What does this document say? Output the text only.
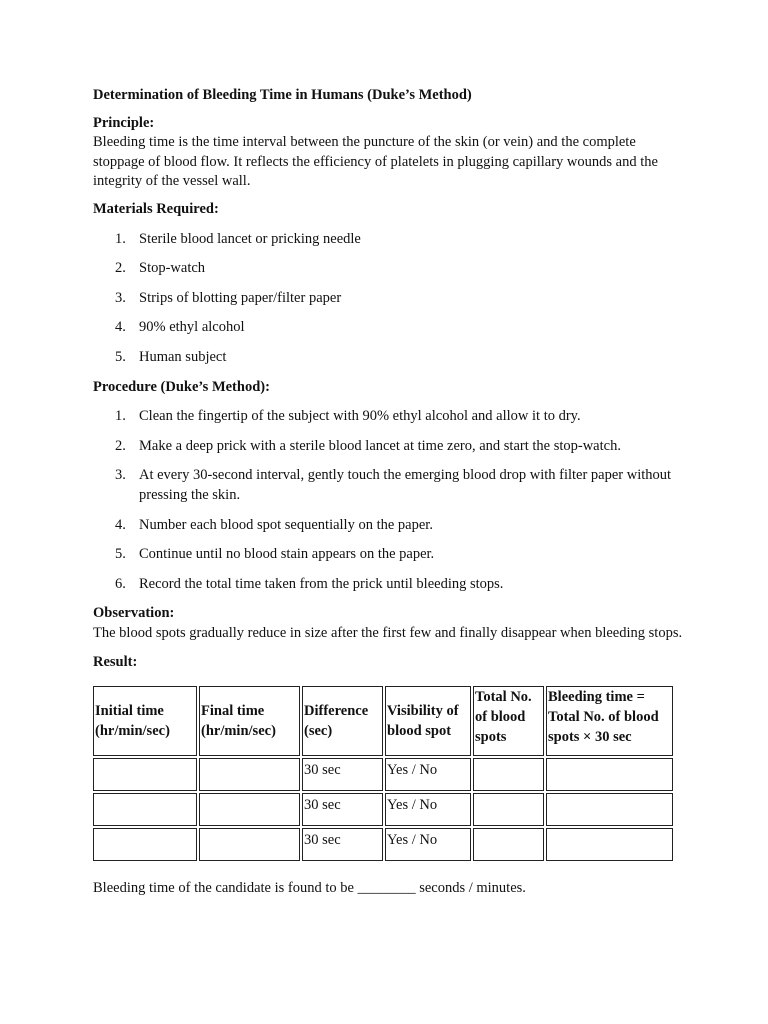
Determination of Bleeding Time in Humans (Duke’s Method)

Principle:

Bleeding time is the time interval between the puncture of the skin (or vein) and the complete stoppage of blood flow. It reflects the efficiency of platelets in plugging capillary wounds and the integrity of the vessel wall.

Materials Required:

1. Sterile blood lancet or pricking needle
2. Stop-watch
3. Strips of blotting paper/filter paper
4. 90% ethyl alcohol
5. Human subject

Procedure (Duke’s Method):

1. Clean the fingertip of the subject with 90% ethyl alcohol and allow it to dry.
2. Make a deep prick with a sterile blood lancet at time zero, and start the stop-watch.
3. At every 30-second interval, gently touch the emerging blood drop with filter paper without pressing the skin.
4. Number each blood spot sequentially on the paper.
5. Continue until no blood stain appears on the paper.
6. Record the total time taken from the prick until bleeding stops.

Observation:

The blood spots gradually reduce in size after the first few and finally disappear when bleeding stops.

Result:

Initial time (hr/min/sec)	Final time (hr/min/sec)	Difference (sec)	Visibility of blood spot	Total No. of blood spots	Bleeding time = Total No. of blood spots × 30 sec
		30 sec	Yes / No		
		30 sec	Yes / No		
		30 sec	Yes / No		

Bleeding time of the candidate is found to be ________ seconds / minutes.
